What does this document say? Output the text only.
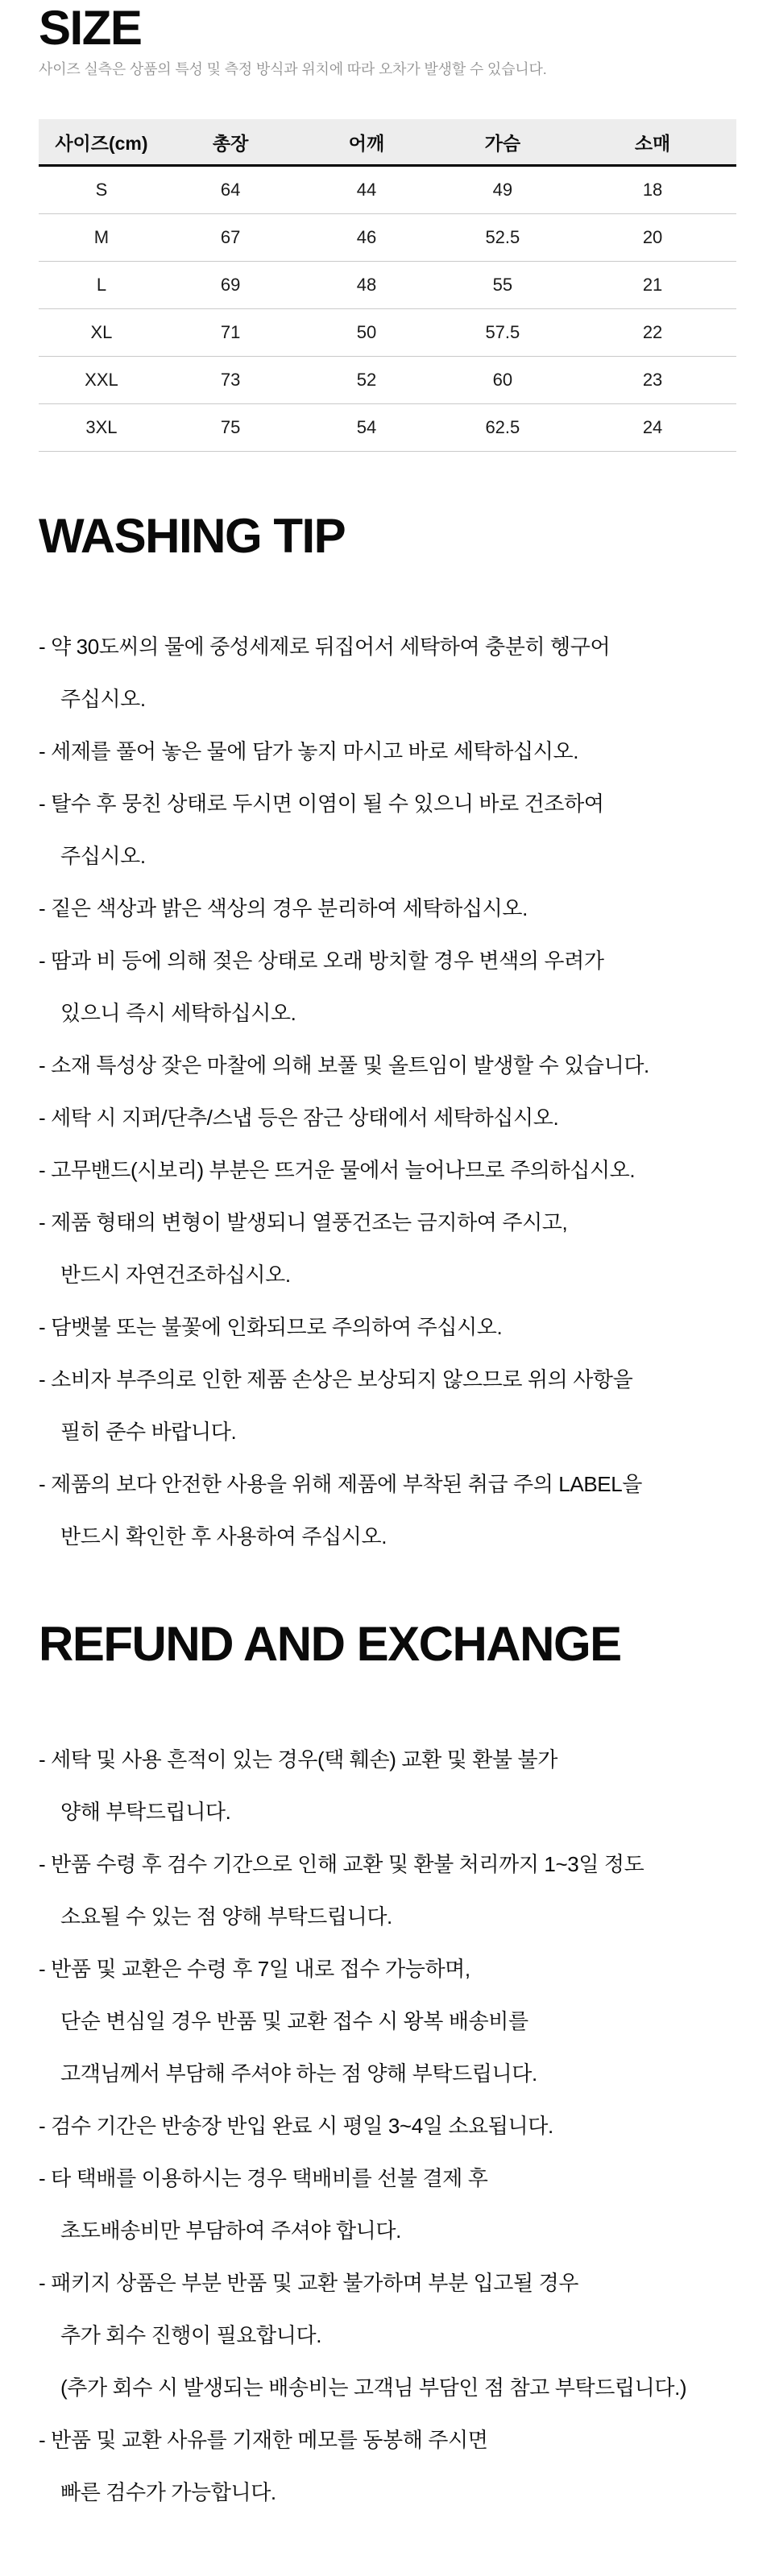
SIZE
사이즈 실측은 상품의 특성 및 측정 방식과 위치에 따라 오차가 발생할 수 있습니다.
사이즈(cm)	총장	어깨	가슴	소매
S	64	44	49	18
M	67	46	52.5	20
L	69	48	55	21
XL	71	50	57.5	22
XXL	73	52	60	23
3XL	75	54	62.5	24
WASHING TIP
- 약 30도씨의 물에 중성세제로 뒤집어서 세탁하여 충분히 헹구어
주십시오.
- 세제를 풀어 놓은 물에 담가 놓지 마시고 바로 세탁하십시오.
- 탈수 후 뭉친 상태로 두시면 이염이 될 수 있으니 바로 건조하여
주십시오.
- 짙은 색상과 밝은 색상의 경우 분리하여 세탁하십시오.
- 땀과 비 등에 의해 젖은 상태로 오래 방치할 경우 변색의 우려가
있으니 즉시 세탁하십시오.
- 소재 특성상 잦은 마찰에 의해 보풀 및 올트임이 발생할 수 있습니다.
- 세탁 시 지퍼/단추/스냅 등은 잠근 상태에서 세탁하십시오.
- 고무밴드(시보리) 부분은 뜨거운 물에서 늘어나므로 주의하십시오.
- 제품 형태의 변형이 발생되니 열풍건조는 금지하여 주시고,
반드시 자연건조하십시오.
- 담뱃불 또는 불꽃에 인화되므로 주의하여 주십시오.
- 소비자 부주의로 인한 제품 손상은 보상되지 않으므로 위의 사항을
필히 준수 바랍니다.
- 제품의 보다 안전한 사용을 위해 제품에 부착된 취급 주의 LABEL을
반드시 확인한 후 사용하여 주십시오.
REFUND AND EXCHANGE
- 세탁 및 사용 흔적이 있는 경우(택 훼손) 교환 및 환불 불가
양해 부탁드립니다.
- 반품 수령 후 검수 기간으로 인해 교환 및 환불 처리까지 1~3일 정도
소요될 수 있는 점 양해 부탁드립니다.
- 반품 및 교환은 수령 후 7일 내로 접수 가능하며,
단순 변심일 경우 반품 및 교환 접수 시 왕복 배송비를
고객님께서 부담해 주셔야 하는 점 양해 부탁드립니다.
- 검수 기간은 반송장 반입 완료 시 평일 3~4일 소요됩니다.
- 타 택배를 이용하시는 경우 택배비를 선불 결제 후
초도배송비만 부담하여 주셔야 합니다.
- 패키지 상품은 부분 반품 및 교환 불가하며 부분 입고될 경우
추가 회수 진행이 필요합니다.
(추가 회수 시 발생되는 배송비는 고객님 부담인 점 참고 부탁드립니다.)
- 반품 및 교환 사유를 기재한 메모를 동봉해 주시면
빠른 검수가 가능합니다.
